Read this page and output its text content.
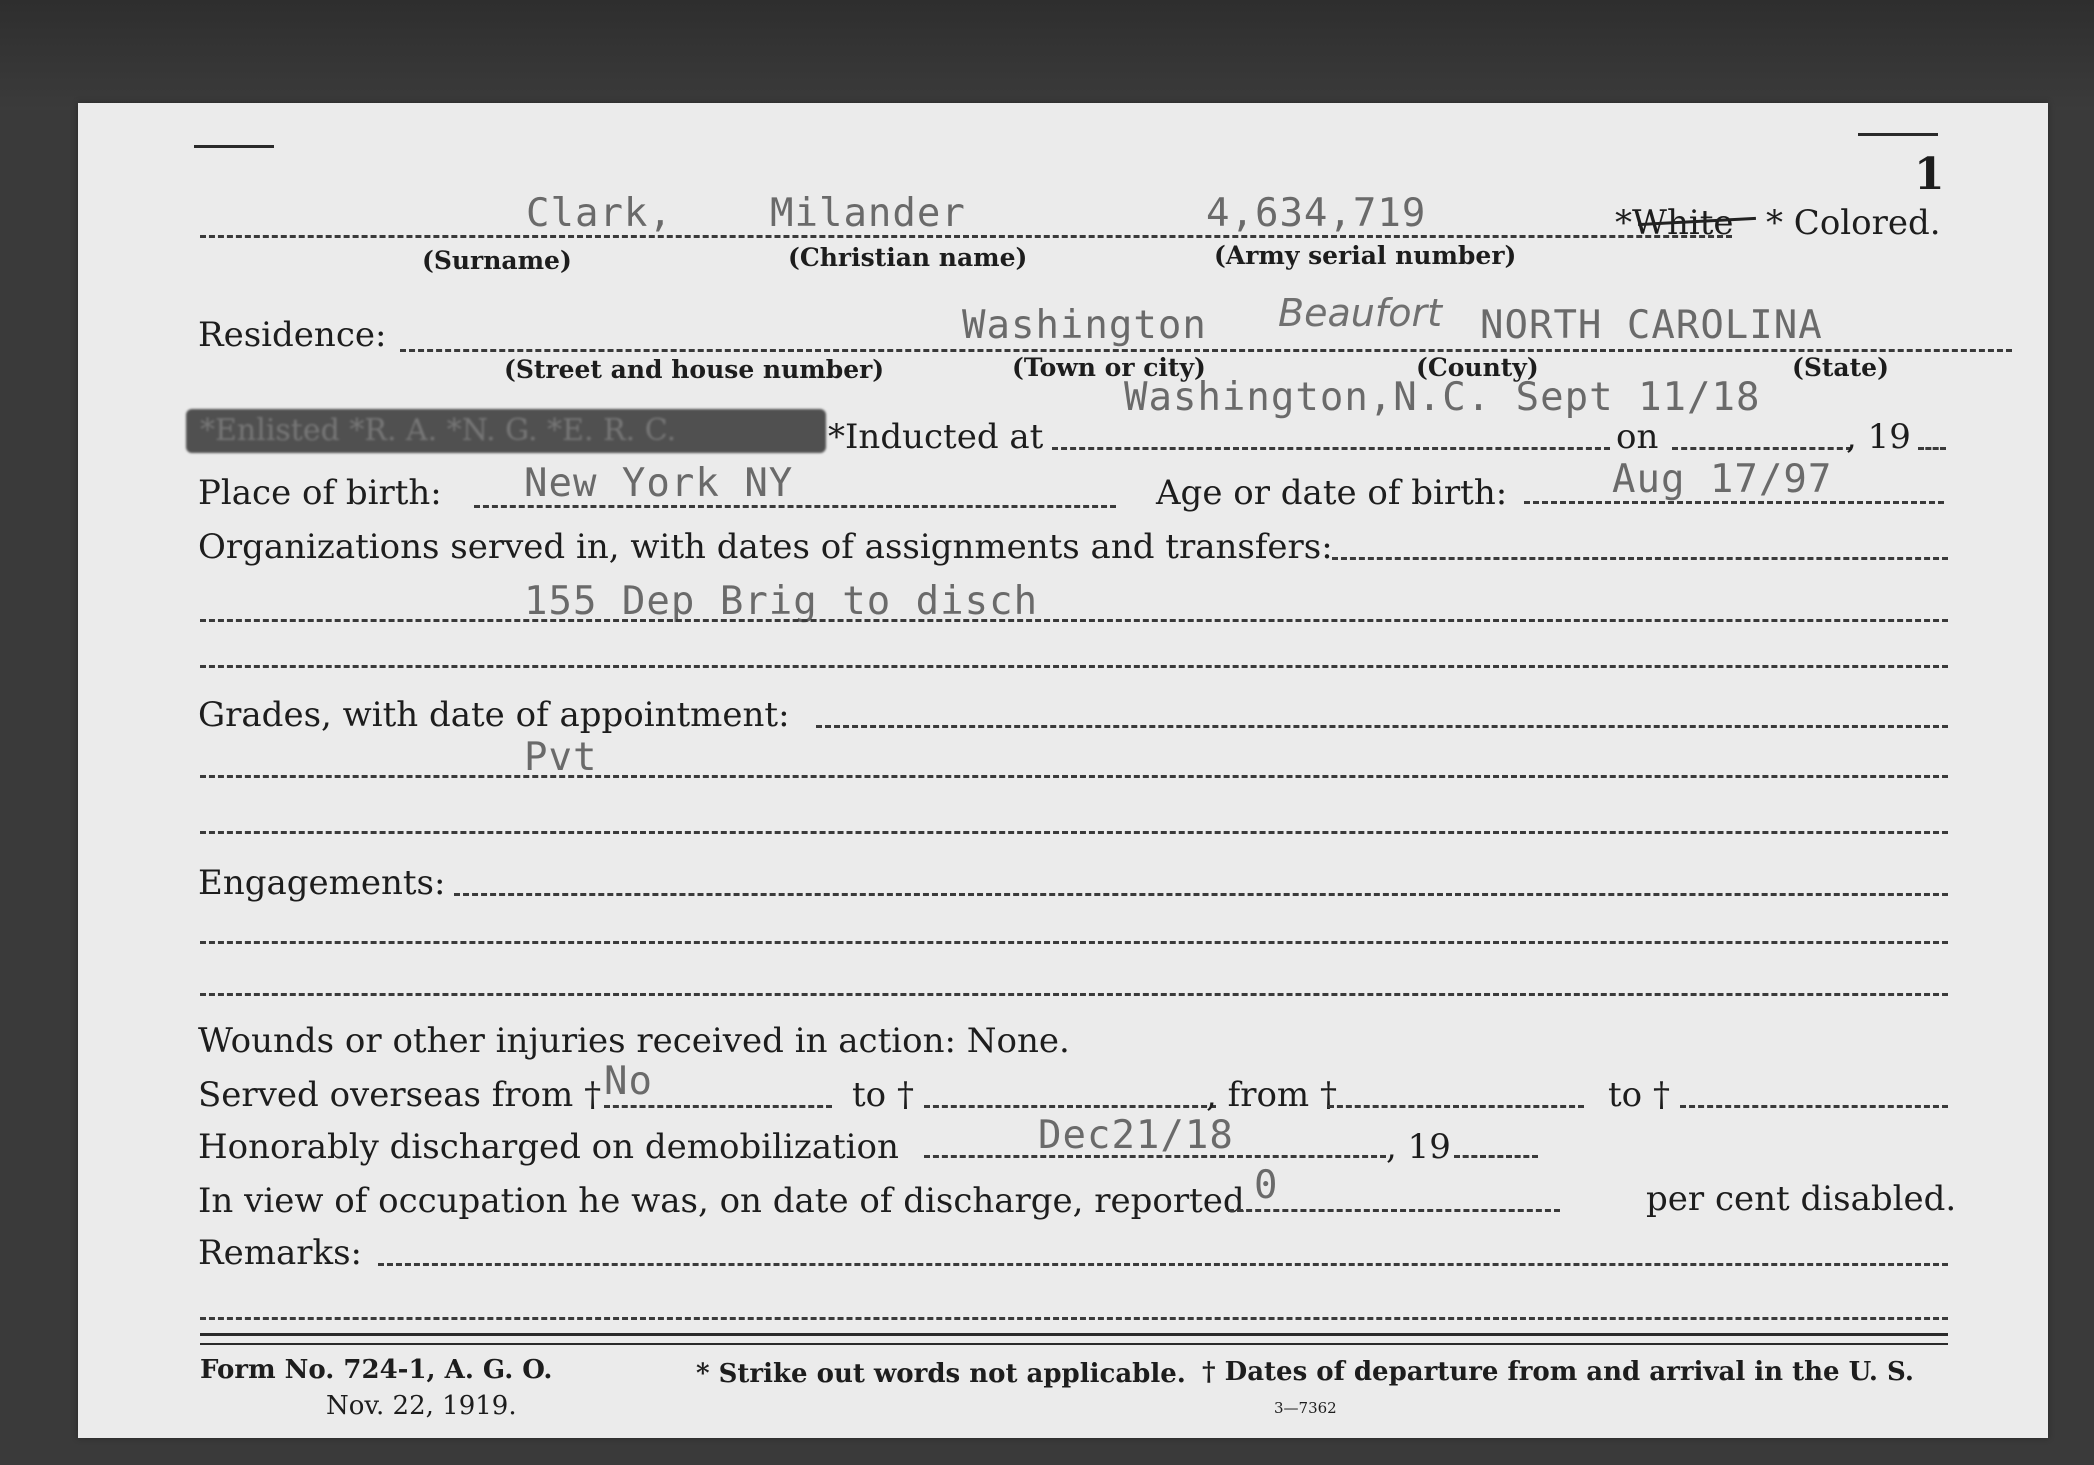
1
Clark, Milander	4,634,719	*White * Colored.
(Surname)	(Christian name)	(Army serial number)
Residence:	Washington Beaufort NORTH CAROLINA
(Street and house number)	(Town or city)	(County)	(State)
Washington,N.C. Sept 11/18
*Enlisted *R. A. *N. G. *E. R. C.	*Inducted at	on	, 19
Place of birth: New York NY	Age or date of birth:	Aug 17/97
Organizations served in, with dates of assignments and transfers:
155 Dep Brig to disch
Grades, with date of appointment:
Pvt
Engagements:
Wounds or other injuries received in action: None.
Served overseas from † No	to †	, from †	to †
Honorably discharged on demobilization	Dec21/18	, 19
In view of occupation he was, on date of discharge, reported 0	per cent disabled.
Remarks:
Form No. 724-1, A. G. O.
Nov. 22, 1919.
* Strike out words not applicable. † Dates of departure from and arrival in the U. S.
3—7362
